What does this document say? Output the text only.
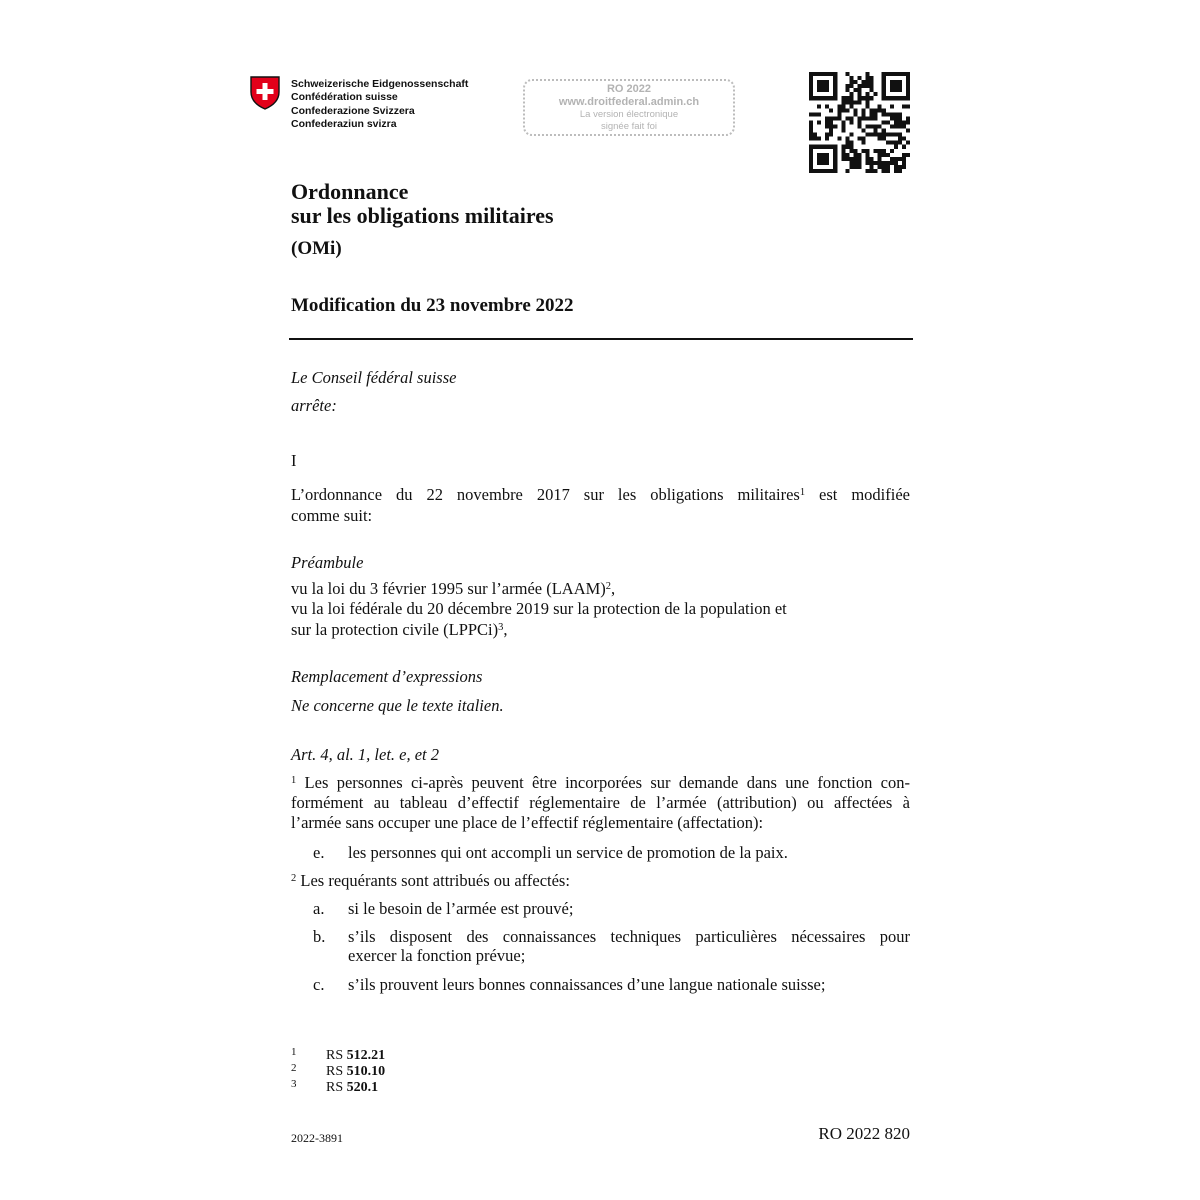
Schweizerische Eidgenossenschaft
Confédération suisse
Confederazione Svizzera
Confederaziun svizra
RO 2022
www.droitfederal.admin.ch
La version électronique
signée fait foi
Ordonnance
sur les obligations militaires
(OMi)
Modification du 23 novembre 2022
Le Conseil fédéral suisse
arrête:
I
L’ordonnance du 22 novembre 2017 sur les obligations militaires$^1$ est modifiée
comme suit:
Préambule
vu la loi du 3 février 1995 sur l’armée (LAAM)$^2$,
vu la loi fédérale du 20 décembre 2019 sur la protection de la population et
sur la protection civile (LPPCi)$^3$,
Remplacement d’expressions
Ne concerne que le texte italien.
Art. 4, al. 1, let. e, et 2
$^1$ Les personnes ci-après peuvent être incorporées sur demande dans une fonction con-
formément au tableau d’effectif réglementaire de l’armée (attribution) ou affectées à
l’armée sans occuper une place de l’effectif réglementaire (affectation):
e. les personnes qui ont accompli un service de promotion de la paix.
$^2$ Les requérants sont attribués ou affectés:
a. si le besoin de l’armée est prouvé;
b. s’ils disposent des connaissances techniques particulières nécessaires pour
exercer la fonction prévue;
c. s’ils prouvent leurs bonnes connaissances d’une langue nationale suisse;
1 RS 512.21
2 RS 510.10
3 RS 520.1
2022-3891	RO 2022 820
